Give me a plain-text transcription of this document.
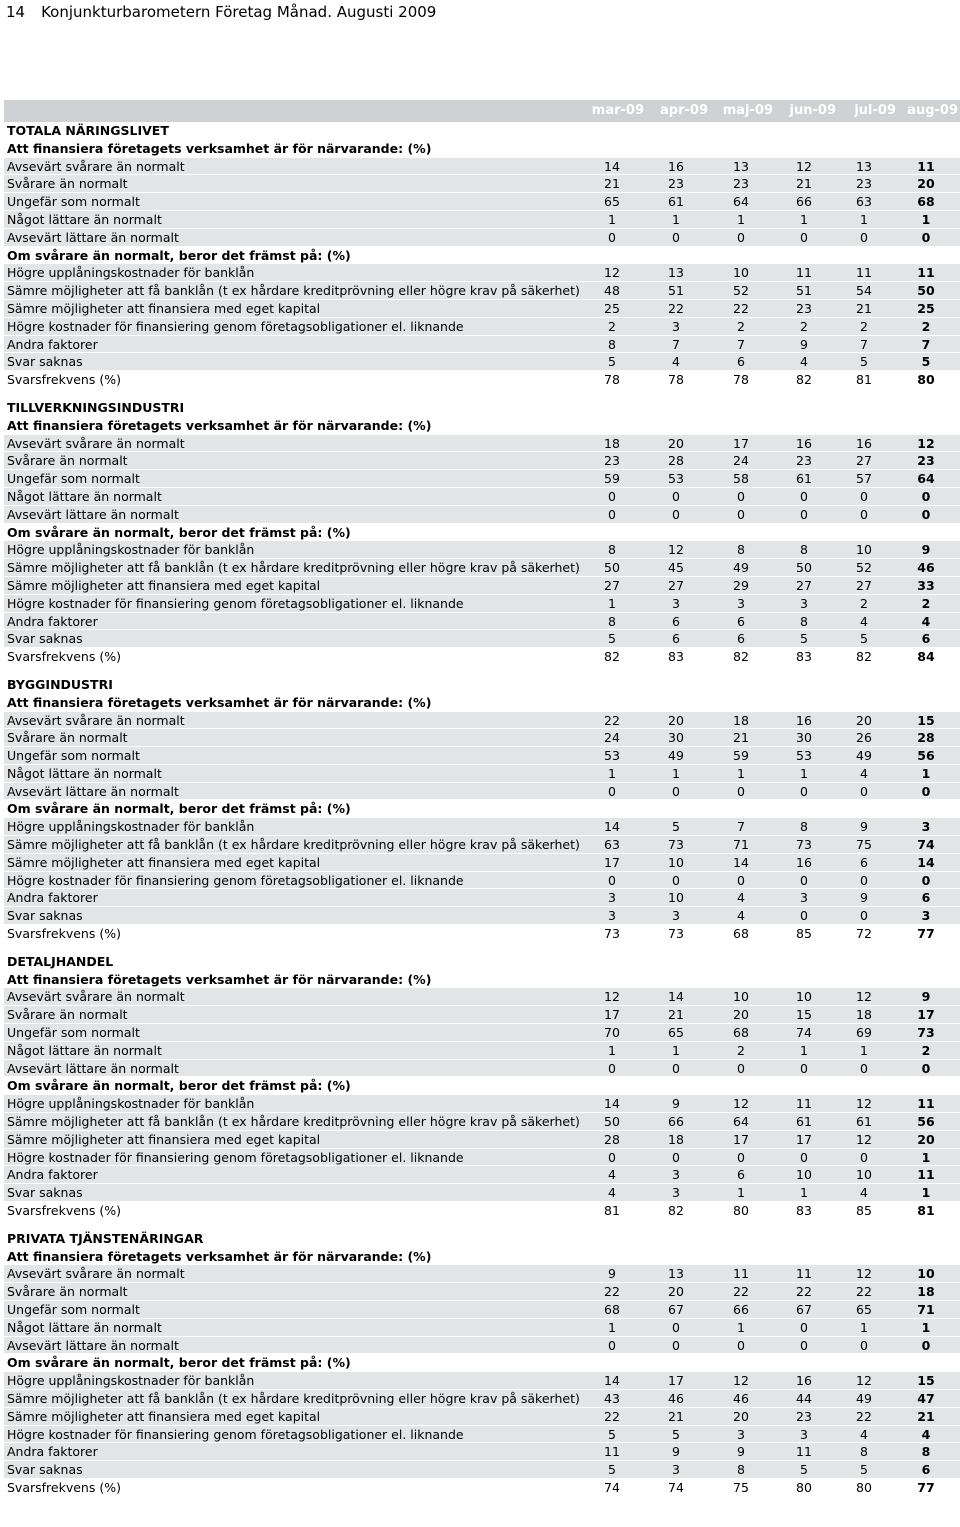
14 Konjunkturbarometern Företag Månad. Augusti 2009
mar-09	apr-09	maj-09	jun-09	jul-09 aug-09
TOTALA NÄRINGSLIVET
Att finansiera företagets verksamhet är för närvarande: (%)
Avsevärt svårare än normalt	14	16	13	12	13	11
Svårare än normalt	21	23	23	21	23	20
Ungefär som normalt	65	61	64	66	63	68
Något lättare än normalt	1	1	1	1	1	1
Avsevärt lättare än normalt	0	0	0	0	0	0
Om svårare än normalt, beror det främst på: (%)
Högre upplåningskostnader för banklån	12	13	10	11	11	11
Sämre möjligheter att få banklån (t ex hårdare kreditprövning eller högre krav på säkerhet)	48	51	52	51	54	50
Sämre möjligheter att finansiera med eget kapital	25	22	22	23	21	25
Högre kostnader för finansiering genom företagsobligationer el. liknande	2	3	2	2	2	2
Andra faktorer	8	7	7	9	7	7
Svar saknas	5	4	6	4	5	5
Svarsfrekvens (%)	78	78	78	82	81	80
TILLVERKNINGSINDUSTRI
Att finansiera företagets verksamhet är för närvarande: (%)
Avsevärt svårare än normalt	18	20	17	16	16	12
Svårare än normalt	23	28	24	23	27	23
Ungefär som normalt	59	53	58	61	57	64
Något lättare än normalt	0	0	0	0	0	0
Avsevärt lättare än normalt	0	0	0	0	0	0
Om svårare än normalt, beror det främst på: (%)
Högre upplåningskostnader för banklån	8	12	8	8	10	9
Sämre möjligheter att få banklån (t ex hårdare kreditprövning eller högre krav på säkerhet)	50	45	49	50	52	46
Sämre möjligheter att finansiera med eget kapital	27	27	29	27	27	33
Högre kostnader för finansiering genom företagsobligationer el. liknande	1	3	3	3	2	2
Andra faktorer	8	6	6	8	4	4
Svar saknas	5	6	6	5	5	6
Svarsfrekvens (%)	82	83	82	83	82	84
BYGGINDUSTRI
Att finansiera företagets verksamhet är för närvarande: (%)
Avsevärt svårare än normalt	22	20	18	16	20	15
Svårare än normalt	24	30	21	30	26	28
Ungefär som normalt	53	49	59	53	49	56
Något lättare än normalt	1	1	1	1	4	1
Avsevärt lättare än normalt	0	0	0	0	0	0
Om svårare än normalt, beror det främst på: (%)
Högre upplåningskostnader för banklån	14	5	7	8	9	3
Sämre möjligheter att få banklån (t ex hårdare kreditprövning eller högre krav på säkerhet)	63	73	71	73	75	74
Sämre möjligheter att finansiera med eget kapital	17	10	14	16	6	14
Högre kostnader för finansiering genom företagsobligationer el. liknande	0	0	0	0	0	0
Andra faktorer	3	10	4	3	9	6
Svar saknas	3	3	4	0	0	3
Svarsfrekvens (%)	73	73	68	85	72	77
DETALJHANDEL
Att finansiera företagets verksamhet är för närvarande: (%)
Avsevärt svårare än normalt	12	14	10	10	12	9
Svårare än normalt	17	21	20	15	18	17
Ungefär som normalt	70	65	68	74	69	73
Något lättare än normalt	1	1	2	1	1	2
Avsevärt lättare än normalt	0	0	0	0	0	0
Om svårare än normalt, beror det främst på: (%)
Högre upplåningskostnader för banklån	14	9	12	11	12	11
Sämre möjligheter att få banklån (t ex hårdare kreditprövning eller högre krav på säkerhet)	50	66	64	61	61	56
Sämre möjligheter att finansiera med eget kapital	28	18	17	17	12	20
Högre kostnader för finansiering genom företagsobligationer el. liknande	0	0	0	0	0	1
Andra faktorer	4	3	6	10	10	11
Svar saknas	4	3	1	1	4	1
Svarsfrekvens (%)	81	82	80	83	85	81
PRIVATA TJÄNSTENÄRINGAR
Att finansiera företagets verksamhet är för närvarande: (%)
Avsevärt svårare än normalt	9	13	11	11	12	10
Svårare än normalt	22	20	22	22	22	18
Ungefär som normalt	68	67	66	67	65	71
Något lättare än normalt	1	0	1	0	1	1
Avsevärt lättare än normalt	0	0	0	0	0	0
Om svårare än normalt, beror det främst på: (%)
Högre upplåningskostnader för banklån	14	17	12	16	12	15
Sämre möjligheter att få banklån (t ex hårdare kreditprövning eller högre krav på säkerhet)	43	46	46	44	49	47
Sämre möjligheter att finansiera med eget kapital	22	21	20	23	22	21
Högre kostnader för finansiering genom företagsobligationer el. liknande	5	5	3	3	4	4
Andra faktorer	11	9	9	11	8	8
Svar saknas	5	3	8	5	5	6
Svarsfrekvens (%)	74	74	75	80	80	77
